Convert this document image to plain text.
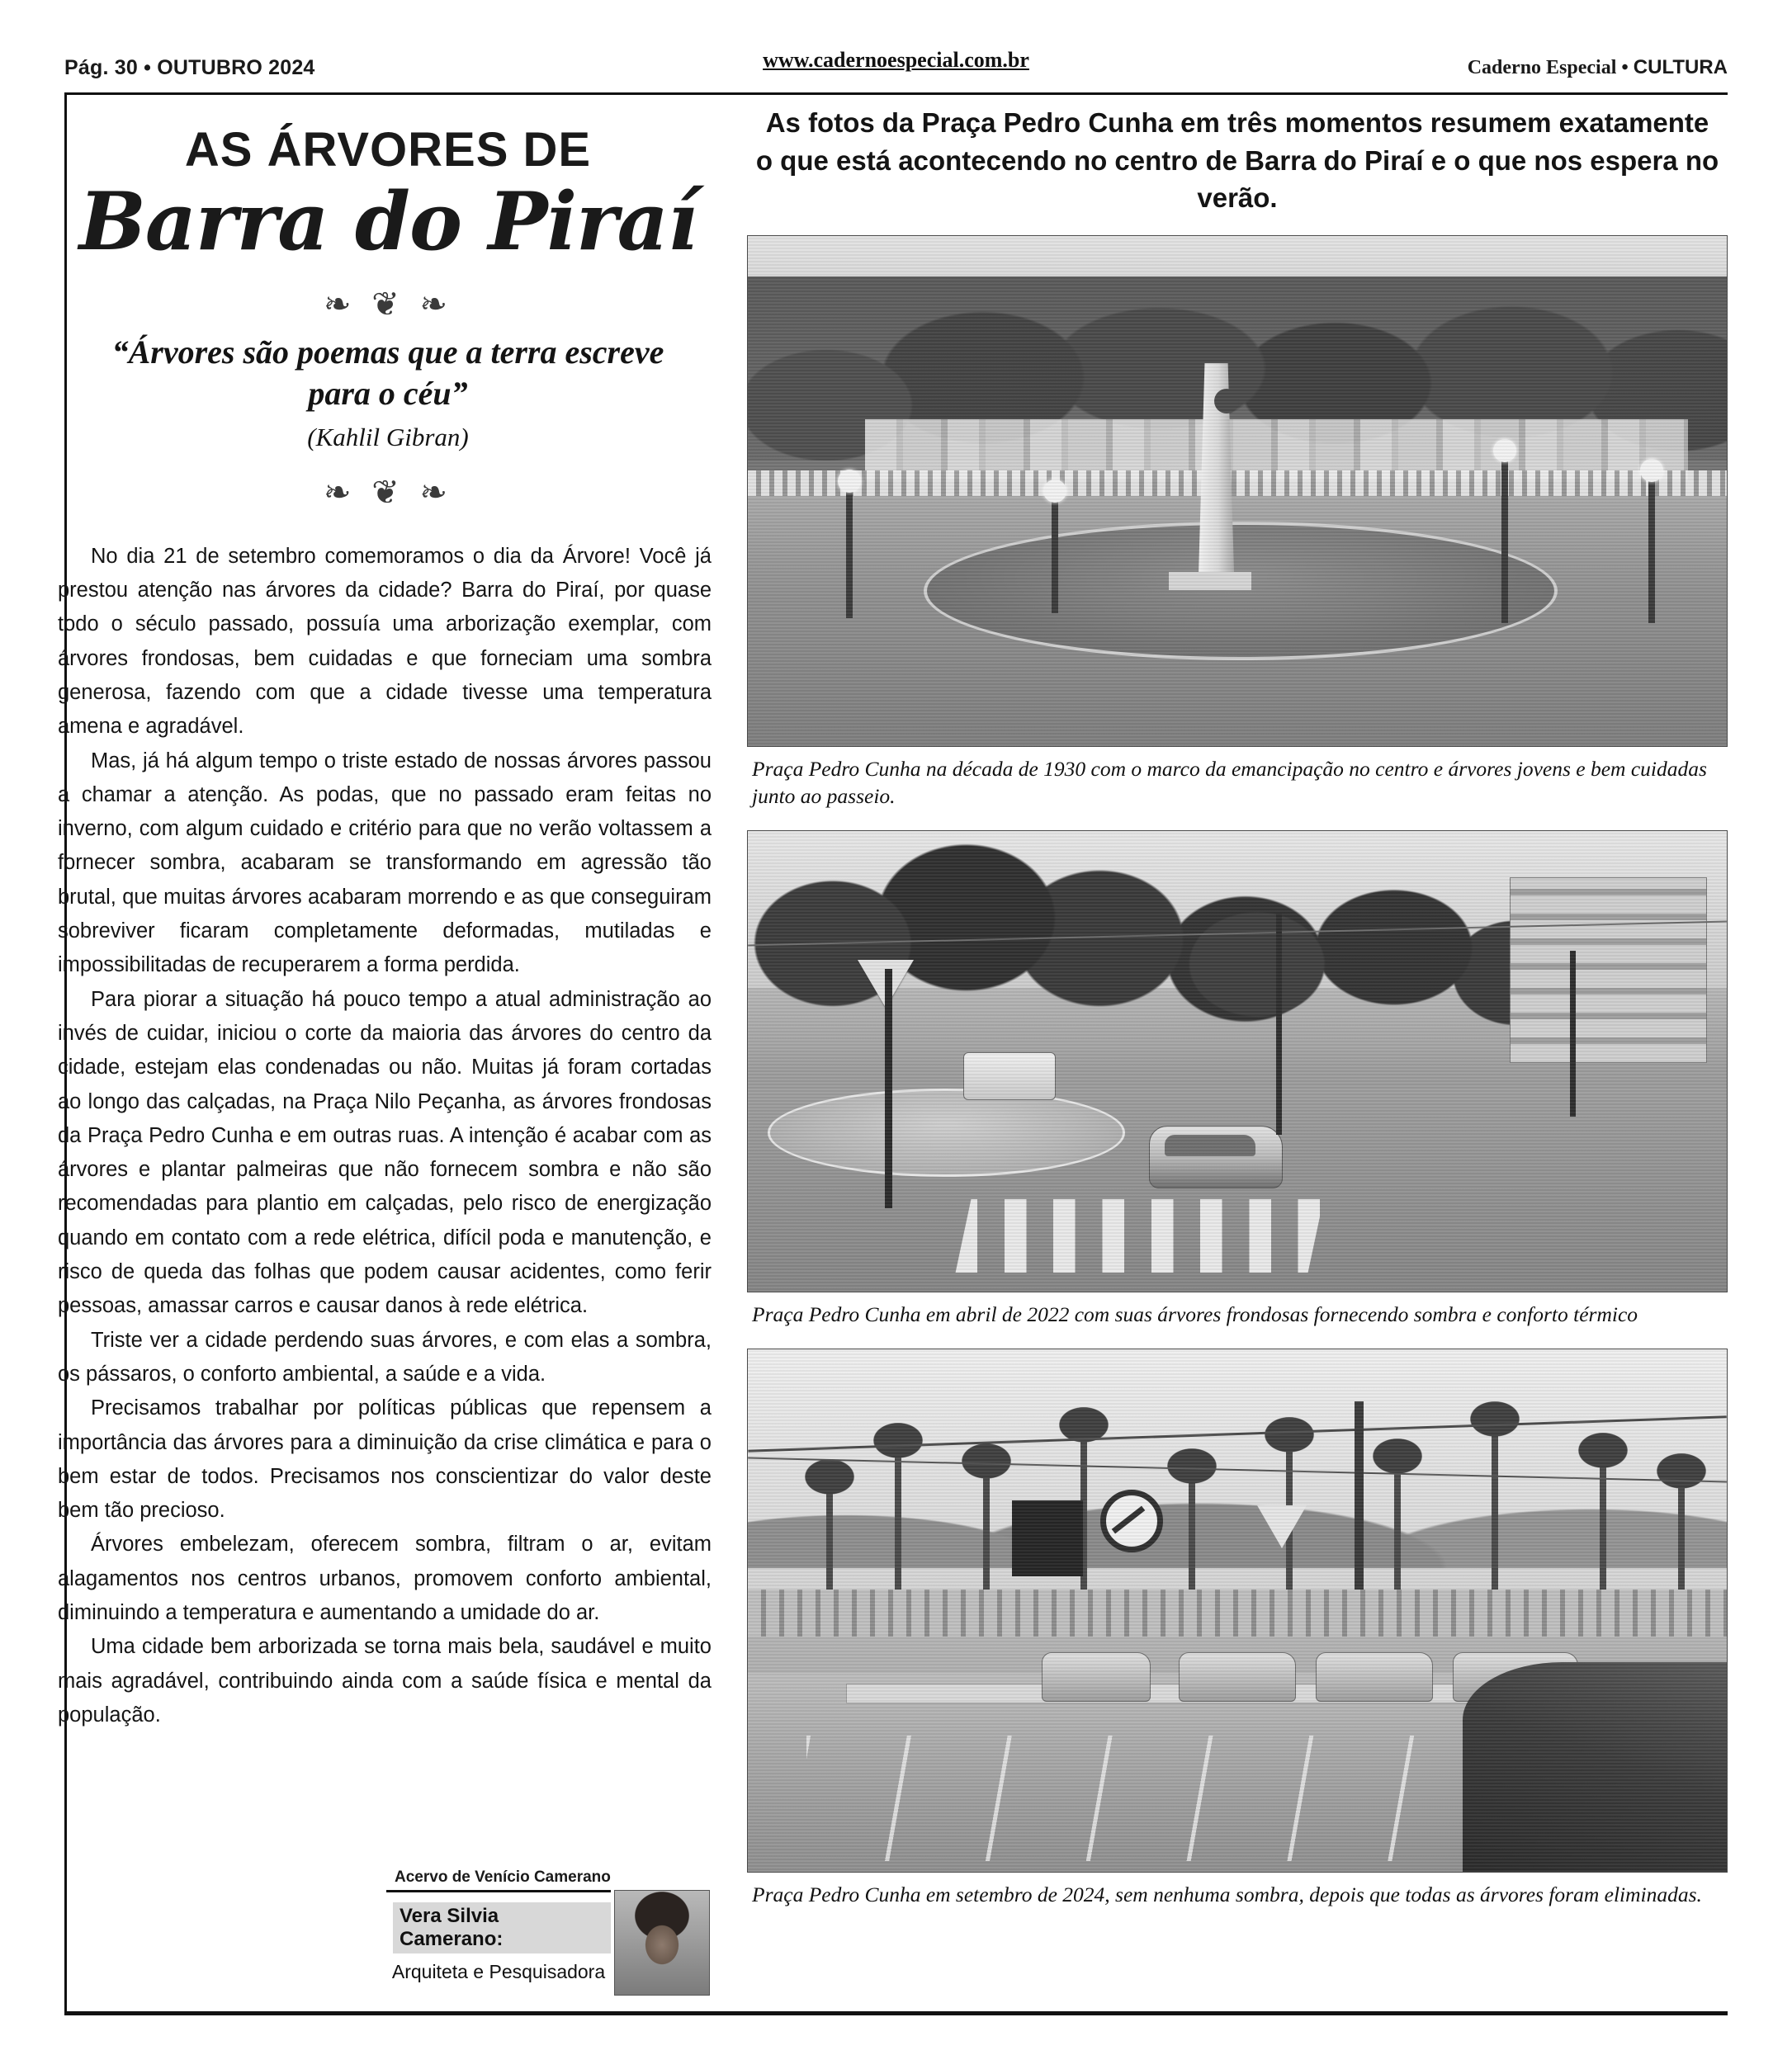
Pág. 30 • OUTUBRO 2024	www.cadernoespecial.com.br	Caderno Especial • CULTURA
AS ÁRVORES DE
Barra do Piraí
❧ ❦ ❧
“Árvores são poemas que a terra escreve para o céu”
(Kahlil Gibran)
❧ ❦ ❧

No dia 21 de setembro comemoramos o dia da Árvore! Você já prestou atenção nas árvores da cidade? Barra do Piraí, por quase todo o século passado, possuía uma arborização exemplar, com árvores frondosas, bem cuidadas e que forneciam uma sombra generosa, fazendo com que a cidade tivesse uma temperatura amena e agradável.

Mas, já há algum tempo o triste estado de nossas árvores passou a chamar a atenção. As podas, que no passado eram feitas no inverno, com algum cuidado e critério para que no verão voltassem a fornecer sombra, acabaram se transformando em agressão tão brutal, que muitas árvores acabaram morrendo e as que conseguiram sobreviver ficaram completamente deformadas, mutiladas e impossibilitadas de recuperarem a forma perdida.

Para piorar a situação há pouco tempo a atual administração ao invés de cuidar, iniciou o corte da maioria das árvores do centro da cidade, estejam elas condenadas ou não. Muitas já foram cortadas ao longo das calçadas, na Praça Nilo Peçanha, as árvores frondosas da Praça Pedro Cunha e em outras ruas. A intenção é acabar com as árvores e plantar palmeiras que não fornecem sombra e não são recomendadas para plantio em calçadas, pelo risco de energização quando em contato com a rede elétrica, difícil poda e manutenção, e risco de queda das folhas que podem causar acidentes, como ferir pessoas, amassar carros e causar danos à rede elétrica.

Triste ver a cidade perdendo suas árvores, e com elas a sombra, os pássaros, o conforto ambiental, a saúde e a vida.

Precisamos trabalhar por políticas públicas que repensem a importância das árvores para a diminuição da crise climática e para o bem estar de todos. Precisamos nos conscientizar do valor deste bem tão precioso.

Árvores embelezam, oferecem sombra, filtram o ar, evitam alagamentos nos centros urbanos, promovem conforto ambiental, diminuindo a temperatura e aumentando a umidade do ar.

Uma cidade bem arborizada se torna mais bela, saudável e muito mais agradável, contribuindo ainda com a saúde física e mental da população.

Acervo de Venício Camerano
Vera Silvia Camerano:
Arquiteta e Pesquisadora
As fotos da Praça Pedro Cunha em três momentos resumem exatamente o que está acontecendo no centro de Barra do Piraí e o que nos espera no verão.
Praça Pedro Cunha na década de 1930 com o marco da emancipação no centro e árvores jovens e bem cuidadas junto ao passeio.
Praça Pedro Cunha em abril de 2022 com suas árvores frondosas fornecendo sombra e conforto térmico
Praça Pedro Cunha em setembro de 2024, sem nenhuma sombra, depois que todas as árvores foram eliminadas.
